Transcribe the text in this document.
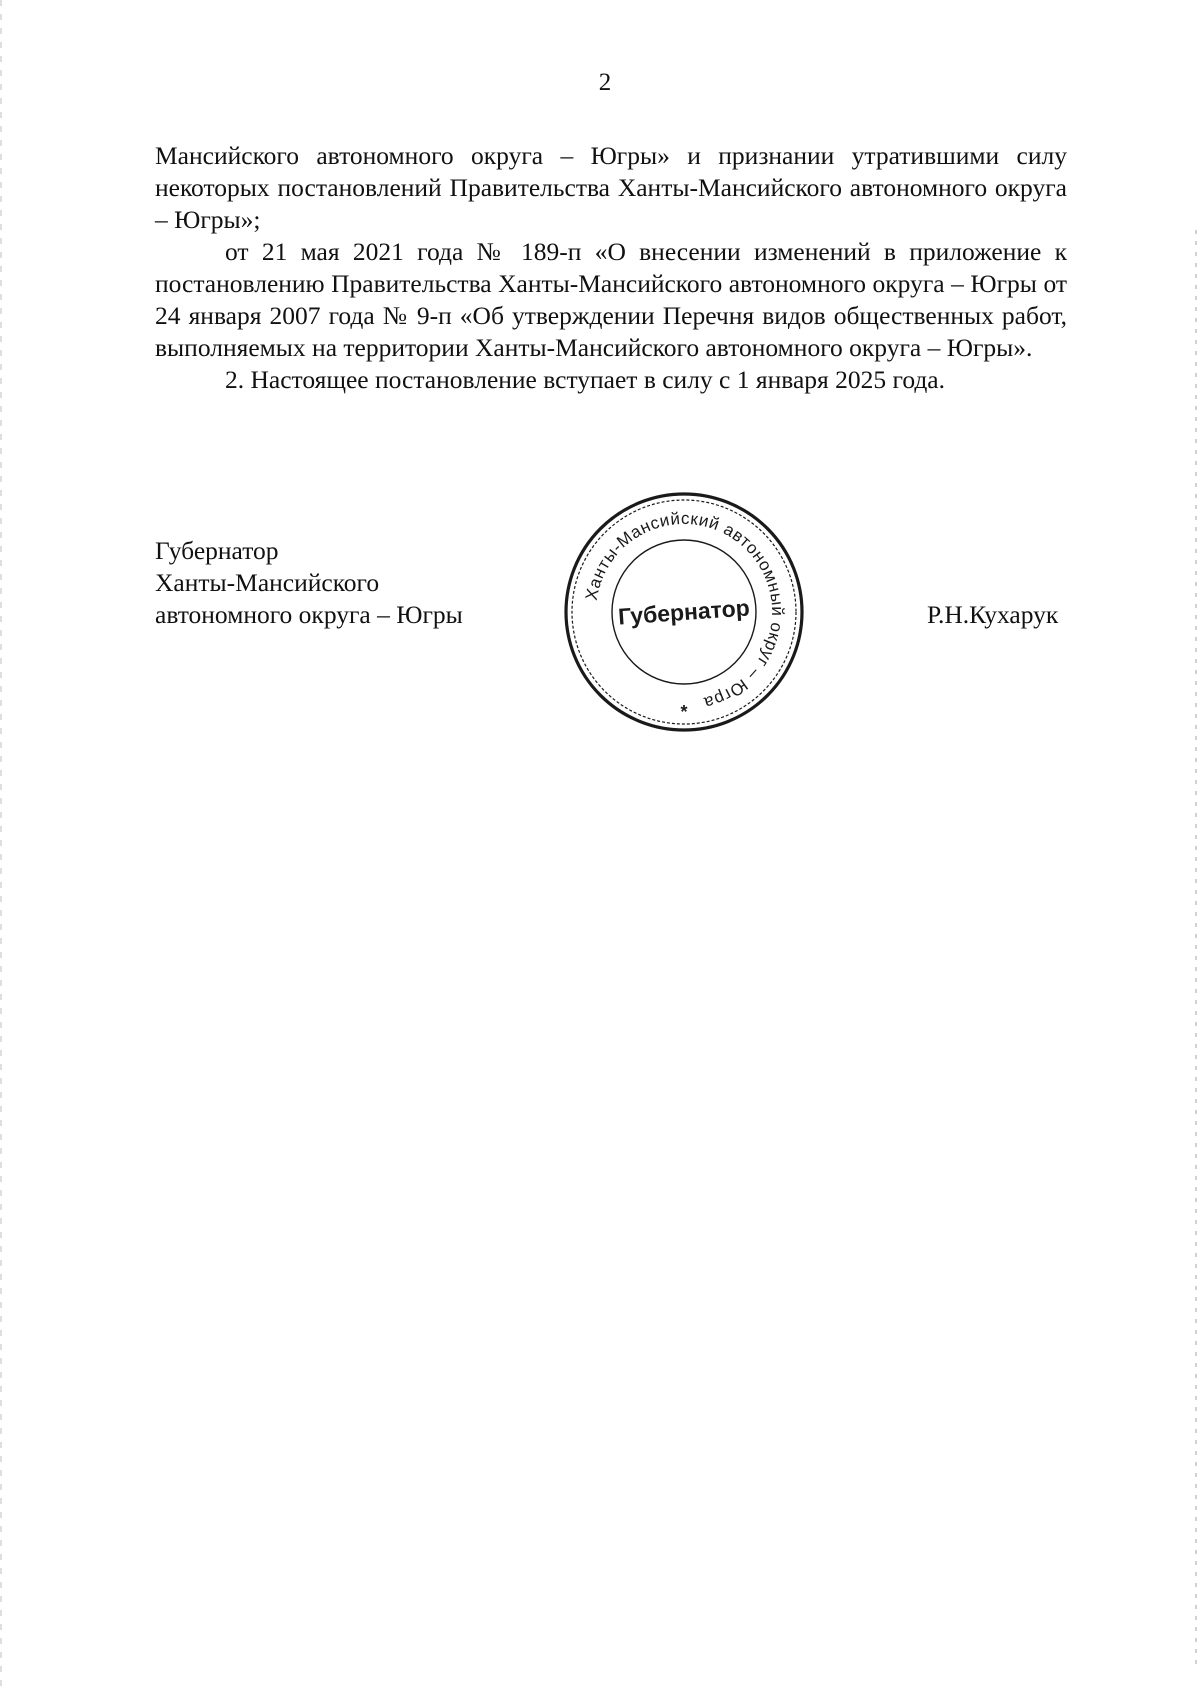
2

Мансийского автономного округа – Югры» и признании утратившими силу некоторых постановлений Правительства Ханты-Мансийского автономного округа – Югры»;

от 21 мая 2021 года № 189-п «О внесении изменений в приложение к постановлению Правительства Ханты-Мансийского автономного округа – Югры от 24 января 2007 года № 9-п «Об утверждении Перечня видов общественных работ, выполняемых на территории Ханты-Мансийского автономного округа – Югры».

2. Настоящее постановление вступает в силу с 1 января 2025 года.

Губернатор
Ханты-Мансийского
автономного округа – Югры
Ханты-Мансийский автономный округ – Югра
Губернатор
*
Р.Н.Кухарук
